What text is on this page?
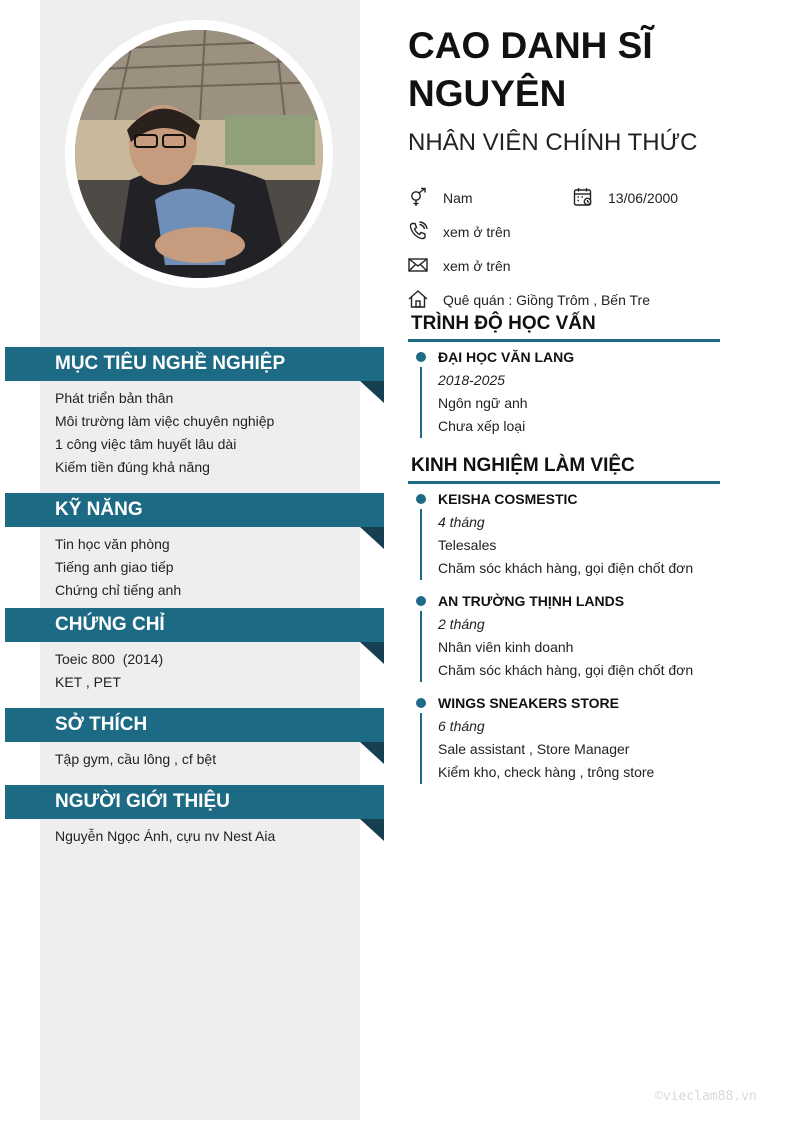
MỤC TIÊU NGHỀ NGHIỆP
Phát triển bản thân
Môi trường làm việc chuyên nghiệp
1 công việc tâm huyết lâu dài
Kiếm tiền đúng khả năng
KỸ NĂNG
Tin học văn phòng
Tiếng anh giao tiếp
Chứng chỉ tiếng anh
CHỨNG CHỈ
Toeic 800  (2014)
KET , PET
SỞ THÍCH
Tập gym, cầu lông , cf bệt
NGƯỜI GIỚI THIỆU
Nguyễn Ngọc Ánh, cựu nv Nest Aia
CAO DANH SĨ NGUYÊN
NHÂN VIÊN CHÍNH THỨC
Nam	13/06/2000
xem ở trên
xem ở trên
Quê quán : Giồng Trôm , Bến Tre
TRÌNH ĐỘ HỌC VẤN
ĐẠI HỌC VĂN LANG
2018-2025
Ngôn ngữ anh
Chưa xếp loại
KINH NGHIỆM LÀM VIỆC
KEISHA COSMESTIC
4 tháng
Telesales
Chăm sóc khách hàng, gọi điện chốt đơn
AN TRƯỜNG THỊNH LANDS
2 tháng
Nhân viên kinh doanh
Chăm sóc khách hàng, gọi điện chốt đơn
WINGS SNEAKERS STORE
6 tháng
Sale assistant , Store Manager
Kiểm kho, check hàng , trông store
©vieclam88.vn
